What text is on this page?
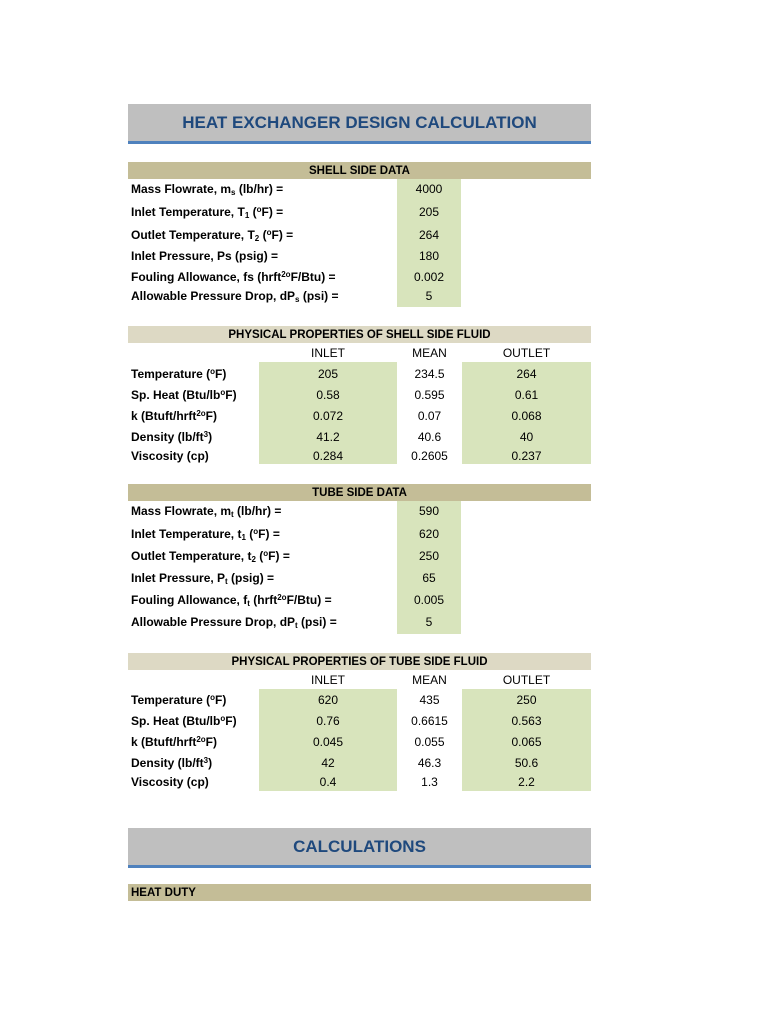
HEAT EXCHANGER DESIGN CALCULATION
SHELL SIDE DATA
Mass Flowrate, $m_s$ (lb/hr) =	4000
Inlet Temperature, $T_1$ ($^o$F) =	205
Outlet Temperature, $T_2$ ($^o$F) =	264
Inlet Pressure, Ps (psig) =	180
Fouling Allowance, fs (hrft$^{2o}$F/Btu) =	0.002
Allowable Pressure Drop, $dP_s$ (psi) =	5
PHYSICAL PROPERTIES OF SHELL SIDE FLUID
INLET	MEAN	OUTLET
Temperature ($^o$F)	205	234.5	264
Sp. Heat $(Btu/lb^oF)$	0.58	0.595	0.61
k (Btuft/hrft$^{2o}$F)	0.072	0.07	0.068
Density $(lb/ft^3)$	41.2	40.6	40
Viscosity (cp)	0.284	0.2605	0.237
TUBE SIDE DATA
Mass Flowrate, $m_t$ (lb/hr) =	590
Inlet Temperature, $t_1$ ($^o$F) =	620
Outlet Temperature, $t_2$ ($^o$F) =	250
Inlet Pressure, $P_t$ (psig) =	65
Fouling Allowance, $f_t$ (hrft$^{2o}$F/Btu) =	0.005
Allowable Pressure Drop, $dP_t$ (psi) =	5
PHYSICAL PROPERTIES OF TUBE SIDE FLUID
INLET	MEAN	OUTLET
Temperature ($^o$F)	620	435	250
Sp. Heat $(Btu/lb^oF)$	0.76	0.6615	0.563
k (Btuft/hrft$^{2o}$F)	0.045	0.055	0.065
Density $(lb/ft^3)$	42	46.3	50.6
Viscosity (cp)	0.4	1.3	2.2
CALCULATIONS
HEAT DUTY
